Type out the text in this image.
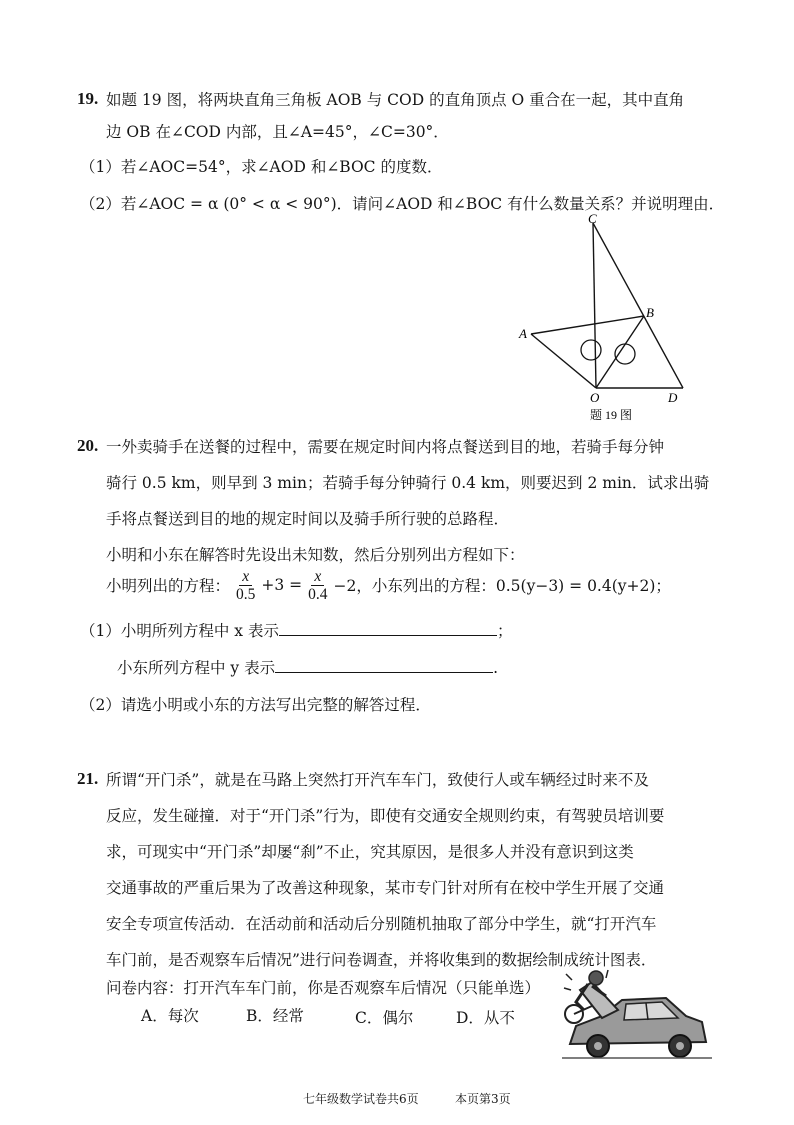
19. 如题 19 图，将两块直角三角板 AOB 与 COD 的直角顶点 O 重合在一起，其中直角
边 OB 在∠COD 内部，且∠A=45°，∠C=30°．
（1）若∠AOC=54°，求∠AOD 和∠BOC 的度数．
（2）若∠AOC = α (0° < α < 90°)．请问∠AOD 和∠BOC 有什么数量关系？并说明理由．
C
B
A
O	D
题 19 图
20. 一外卖骑手在送餐的过程中，需要在规定时间内将点餐送到目的地，若骑手每分钟
骑行 0.5 km，则早到 3 min；若骑手每分钟骑行 0.4 km，则要迟到 2 min．试求出骑
手将点餐送到目的地的规定时间以及骑手所行驶的总路程．
小明和小东在解答时先设出未知数，然后分别列出方程如下：
小明列出的方程： $\frac{x}{0.5} +3 = \frac{x}{0.4} -2$，小东列出的方程：0.5(y−3) = 0.4(y+2)；
（1）小明所列方程中 x 表示	；
小东所列方程中 y 表示	.
（2）请选小明或小东的方法写出完整的解答过程．
21. 所谓“开门杀”，就是在马路上突然打开汽车车门，致使行人或车辆经过时来不及
反应，发生碰撞．对于“开门杀”行为，即使有交通安全规则约束，有驾驶员培训要
求，可现实中“开门杀”却屡“刹”不止，究其原因，是很多人并没有意识到这类
交通事故的严重后果为了改善这种现象，某市专门针对所有在校中学生开展了交通
安全专项宣传活动．在活动前和活动后分别随机抽取了部分中学生，就“打开汽车
车门前，是否观察车后情况”进行问卷调查，并将收集到的数据绘制成统计图表．
问卷内容：打开汽车车门前，你是否观察车后情况（只能单选）
A．每次	B．经常	C．偶尔	D．从不
七年级数学试卷共6页	本页第3页
